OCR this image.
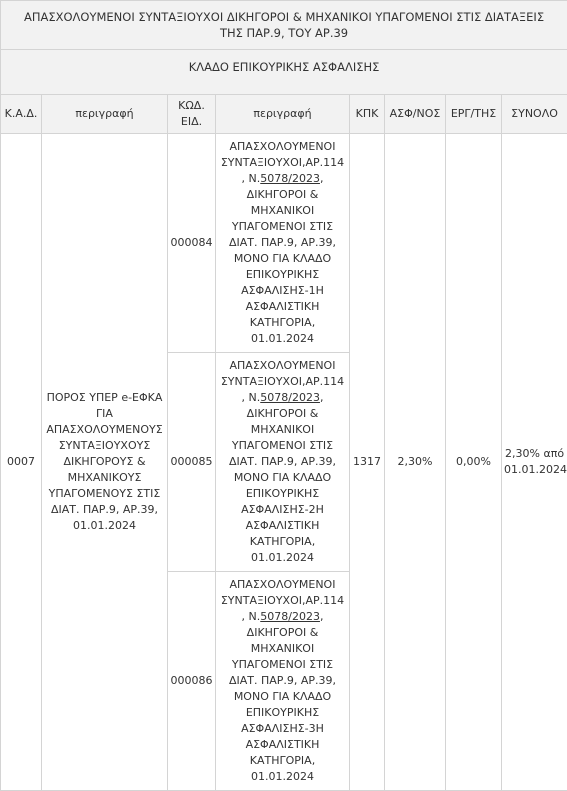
ΑΠΑΣΧΟΛΟΥΜΕΝΟΙ ΣΥΝΤΑΞΙΟΥΧΟΙ ΔΙΚΗΓΟΡΟΙ & ΜΗΧΑΝΙΚΟΙ ΥΠΑΓΟΜΕΝΟΙ ΣΤΙΣ ΔΙΑΤΑΞΕΙΣ ΤΗΣ ΠΑΡ.9, ΤΟΥ ΑΡ.39							

ΚΛΑΔΟ ΕΠΙΚΟΥΡΙΚΗΣ ΑΣΦΑΛΙΣΗΣ							

Κ.Α.Δ.	περιγραφή	ΚΩΔ. ΕΙΔ.	περιγραφή	ΚΠΚ	ΑΣΦ/ΝΟΣ	ΕΡΓ/ΤΗΣ	ΣΥΝΟΛΟ
0007	ΠΟΡΟΣ ΥΠΕΡ e-ΕΦΚΑ ΓΙΑ ΑΠΑΣΧΟΛΟΥΜΕΝΟΥΣ ΣΥΝΤΑΞΙΟΥΧΟΥΣ ΔΙΚΗΓΟΡΟΥΣ & ΜΗΧΑΝΙΚΟΥΣ ΥΠΑΓΟΜΕΝΟΥΣ ΣΤΙΣ ΔΙΑΤ. ΠΑΡ.9, ΑΡ.39, 01.01.2024	000084	ΑΠΑΣΧΟΛΟΥΜΕΝΟΙ ΣΥΝΤΑΞΙΟΥΧΟΙ,ΑΡ.114 , Ν.5078/2023, ΔΙΚΗΓΟΡΟΙ & ΜΗΧΑΝΙΚΟΙ ΥΠΑΓΟΜΕΝΟΙ ΣΤΙΣ ΔΙΑΤ. ΠΑΡ.9, ΑΡ.39, ΜΟΝΟ ΓΙΑ ΚΛΑΔΟ ΕΠΙΚΟΥΡΙΚΗΣ ΑΣΦΑΛΙΣΗΣ-1Η ΑΣΦΑΛΙΣΤΙΚΗ ΚΑΤΗΓΟΡΙΑ, 01.01.2024	1317	2,30%	0,00%	2,30% από 01.01.2024
		000085	ΑΠΑΣΧΟΛΟΥΜΕΝΟΙ ΣΥΝΤΑΞΙΟΥΧΟΙ,ΑΡ.114 , Ν.5078/2023, ΔΙΚΗΓΟΡΟΙ & ΜΗΧΑΝΙΚΟΙ ΥΠΑΓΟΜΕΝΟΙ ΣΤΙΣ ΔΙΑΤ. ΠΑΡ.9, ΑΡ.39, ΜΟΝΟ ΓΙΑ ΚΛΑΔΟ ΕΠΙΚΟΥΡΙΚΗΣ ΑΣΦΑΛΙΣΗΣ-2Η ΑΣΦΑΛΙΣΤΙΚΗ ΚΑΤΗΓΟΡΙΑ, 01.01.2024				
		000086	ΑΠΑΣΧΟΛΟΥΜΕΝΟΙ ΣΥΝΤΑΞΙΟΥΧΟΙ,ΑΡ.114 , Ν.5078/2023, ΔΙΚΗΓΟΡΟΙ & ΜΗΧΑΝΙΚΟΙ ΥΠΑΓΟΜΕΝΟΙ ΣΤΙΣ ΔΙΑΤ. ΠΑΡ.9, ΑΡ.39, ΜΟΝΟ ΓΙΑ ΚΛΑΔΟ ΕΠΙΚΟΥΡΙΚΗΣ ΑΣΦΑΛΙΣΗΣ-3Η ΑΣΦΑΛΙΣΤΙΚΗ ΚΑΤΗΓΟΡΙΑ, 01.01.2024				
